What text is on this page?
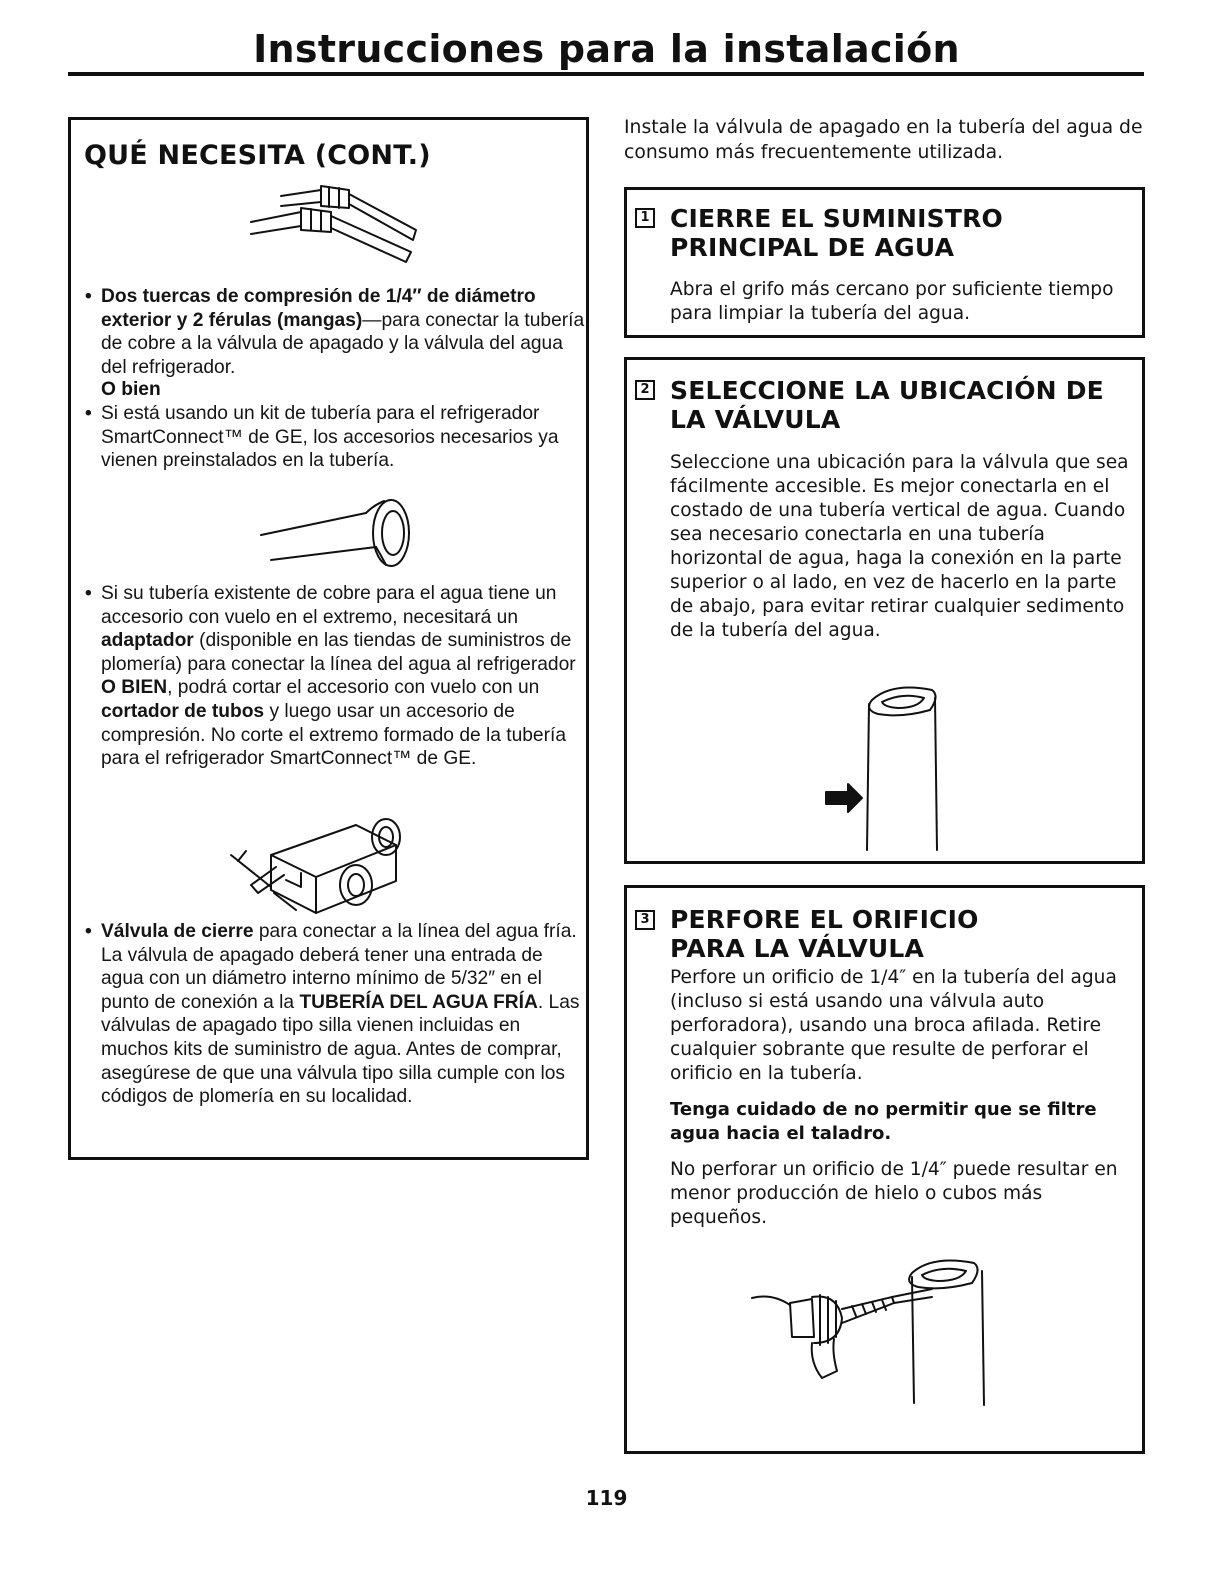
Instrucciones para la instalación
QUÉ NECESITA (CONT.)
• Dos tuercas de compresión de 1/4″ de diámetro exterior y 2 férulas (mangas)—para conectar la tubería de cobre a la válvula de apagado y la válvula del agua del refrigerador.
O bien
• Si está usando un kit de tubería para el refrigerador SmartConnect™ de GE, los accesorios necesarios ya vienen preinstalados en la tubería.
• Si su tubería existente de cobre para el agua tiene un accesorio con vuelo en el extremo, necesitará un adaptador (disponible en las tiendas de suministros de plomería) para conectar la línea del agua al refrigerador O BIEN, podrá cortar el accesorio con vuelo con un cortador de tubos y luego usar un accesorio de compresión. No corte el extremo formado de la tubería para el refrigerador SmartConnect™ de GE.
• Válvula de cierre para conectar a la línea del agua fría. La válvula de apagado deberá tener una entrada de agua con un diámetro interno mínimo de 5/32″ en el punto de conexión a la TUBERÍA DEL AGUA FRÍA. Las válvulas de apagado tipo silla vienen incluidas en muchos kits de suministro de agua. Antes de comprar, asegúrese de que una válvula tipo silla cumple con los códigos de plomería en su localidad.
Instale la válvula de apagado en la tubería del agua de consumo más frecuentemente utilizada.
1 CIERRE EL SUMINISTRO
PRINCIPAL DE AGUA
Abra el grifo más cercano por suficiente tiempo para limpiar la tubería del agua.
2 SELECCIONE LA UBICACIÓN DE
LA VÁLVULA
Seleccione una ubicación para la válvula que sea fácilmente accesible. Es mejor conectarla en el costado de una tubería vertical de agua. Cuando sea necesario conectarla en una tubería horizontal de agua, haga la conexión en la parte superior o al lado, en vez de hacerlo en la parte de abajo, para evitar retirar cualquier sedimento de la tubería del agua.
3 PERFORE EL ORIFICIO
PARA LA VÁLVULA
Perfore un orificio de 1/4″ en la tubería del agua (incluso si está usando una válvula auto perforadora), usando una broca afilada. Retire cualquier sobrante que resulte de perforar el orificio en la tubería.
Tenga cuidado de no permitir que se filtre agua hacia el taladro.
No perforar un orificio de 1/4″ puede resultar en menor producción de hielo o cubos más pequeños.
119
